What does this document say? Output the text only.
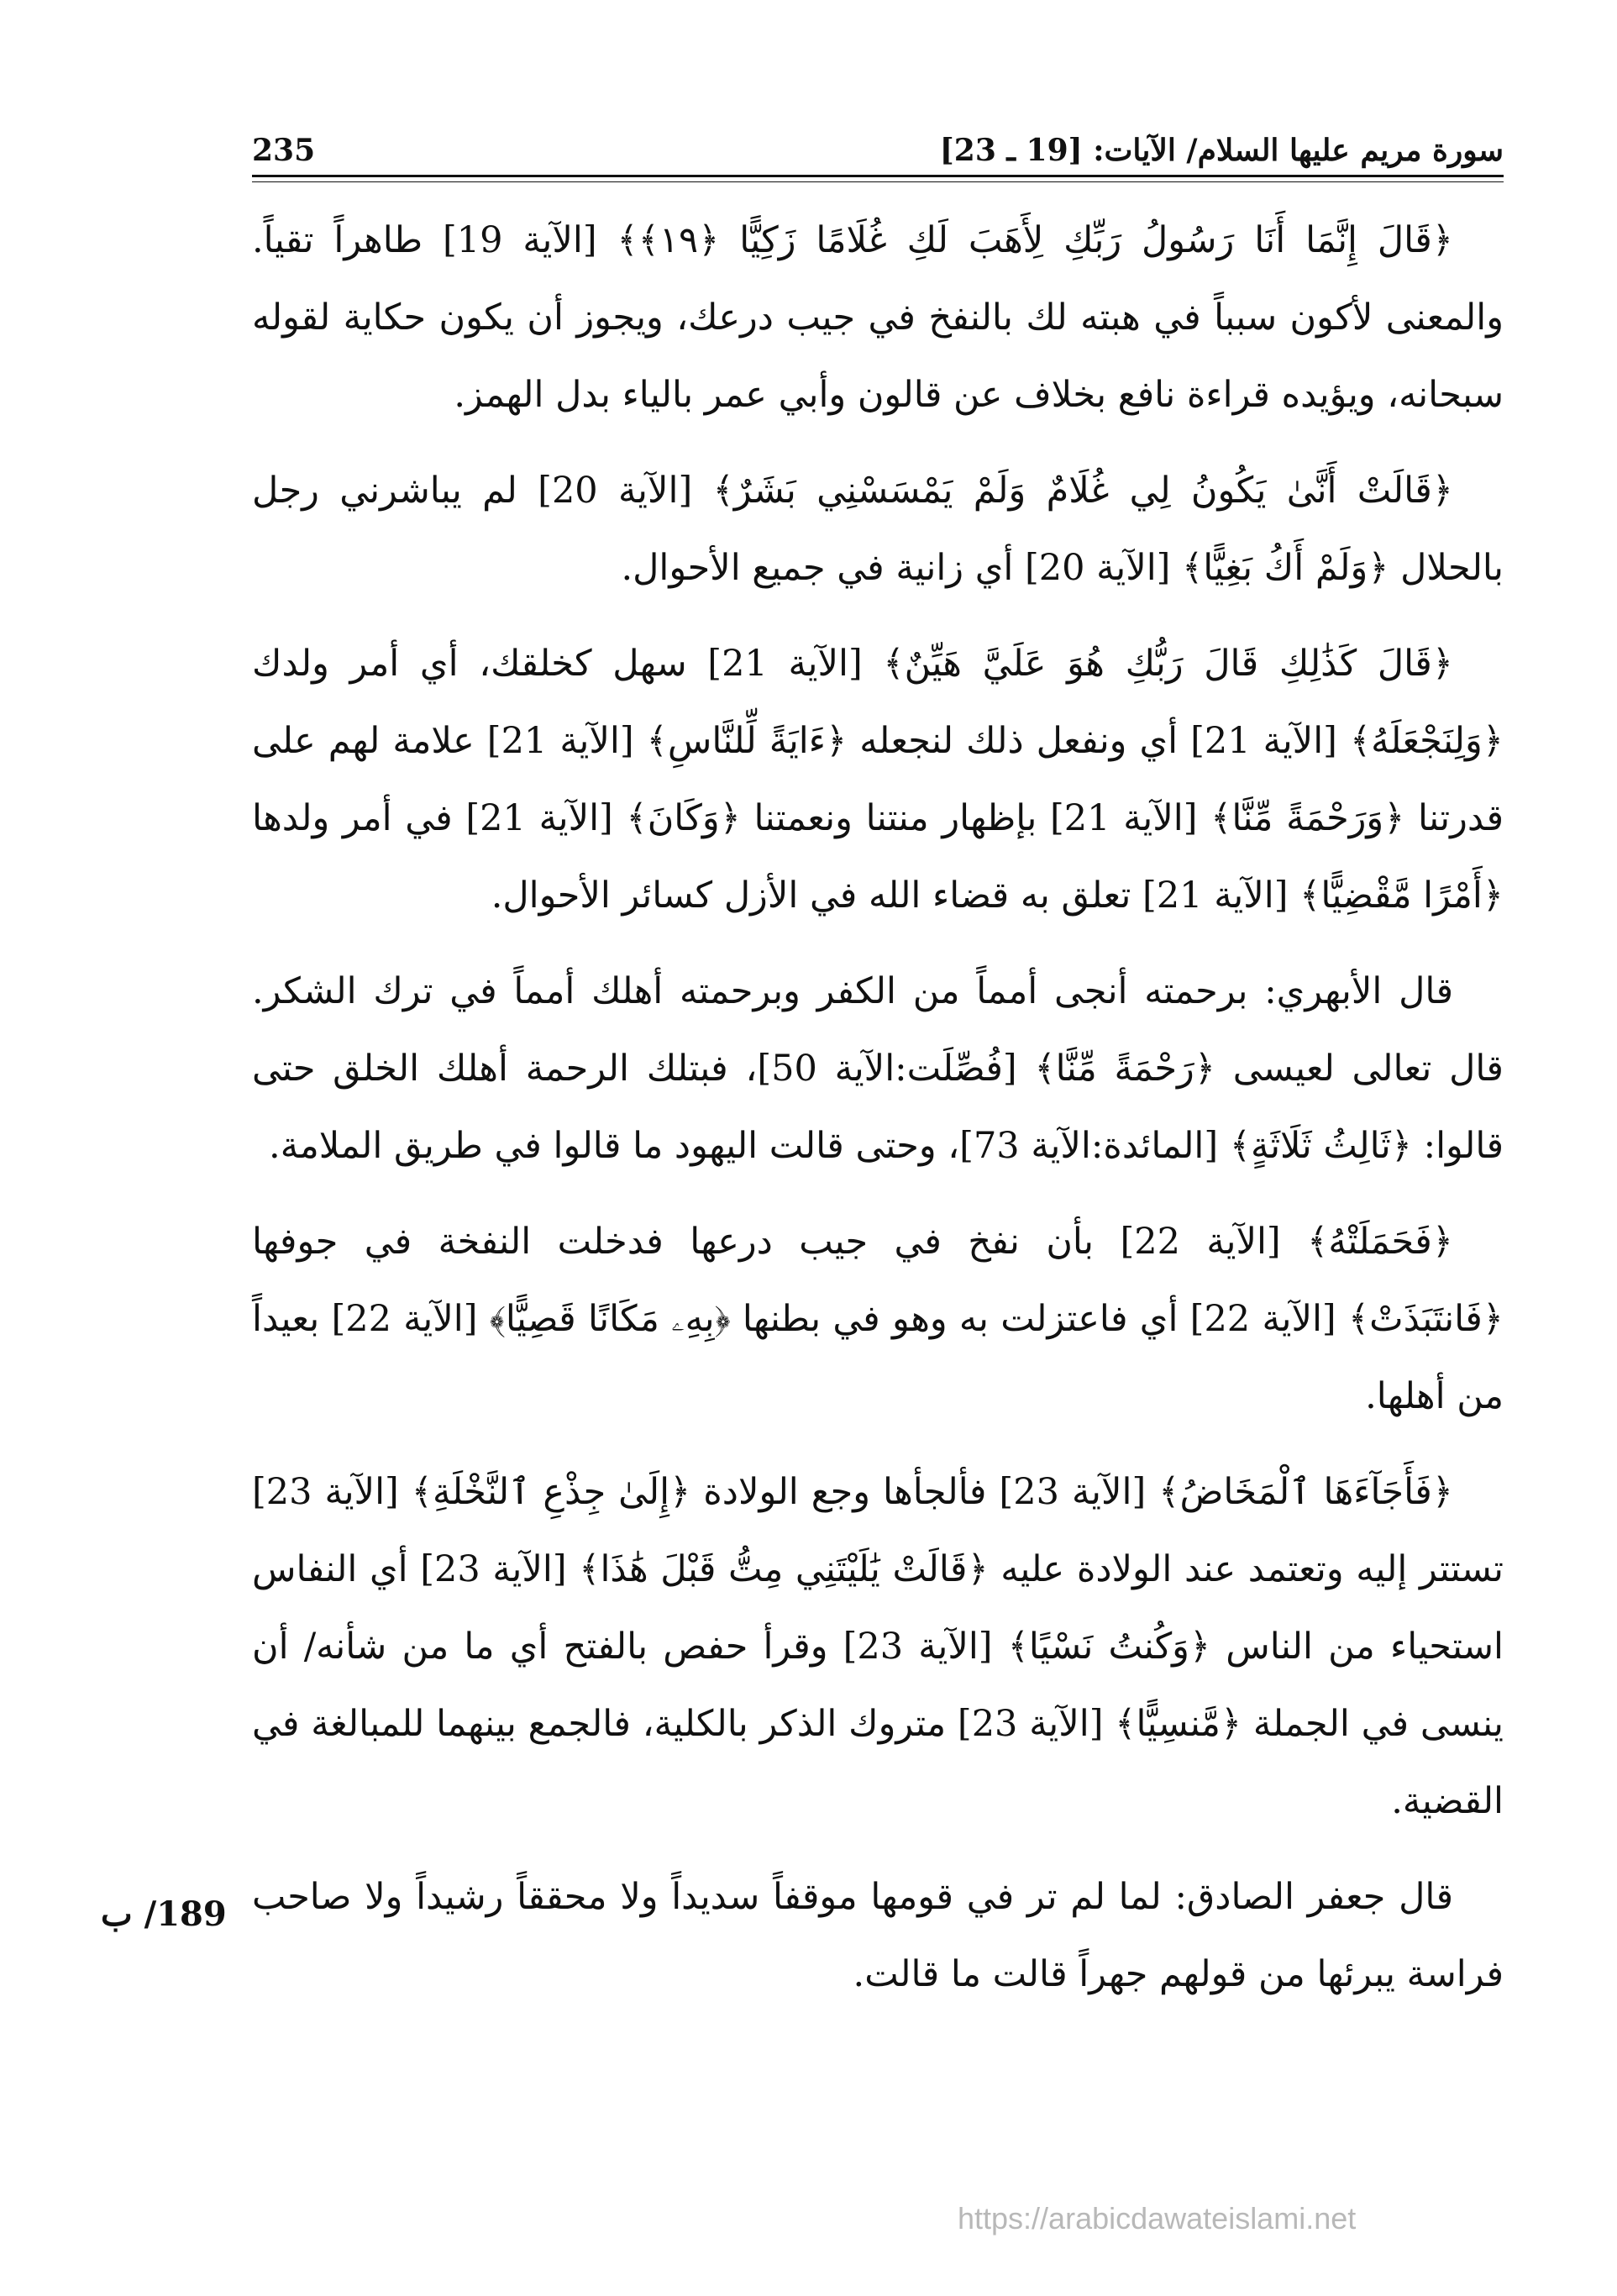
سورة مريم عليها السلام/ الآيات: [19 ـ 23]
235

﴿قَالَ إِنَّمَا أَنَا رَسُولُ رَبِّكِ لِأَهَبَ لَكِ غُلَامًا زَكِيًّا ﴿١٩﴾﴾ [الآية 19] طاهراً تقياً. والمعنى لأكون سبباً في هبته لك بالنفخ في جيب درعك، ويجوز أن يكون حكاية لقوله سبحانه، ويؤيده قراءة نافع بخلاف عن قالون وأبي عمر بالياء بدل الهمز.

﴿قَالَتْ أَنَّىٰ يَكُونُ لِي غُلَامٌ وَلَمْ يَمْسَسْنِي بَشَرٌ﴾ [الآية 20] لم يباشرني رجل بالحلال ﴿وَلَمْ أَكُ بَغِيًّا﴾ [الآية 20] أي زانية في جميع الأحوال.

﴿قَالَ كَذَٰلِكِ قَالَ رَبُّكِ هُوَ عَلَيَّ هَيِّنٌ﴾ [الآية 21] سهل كخلقك، أي أمر ولدك ﴿وَلِنَجْعَلَهُ﴾ [الآية 21] أي ونفعل ذلك لنجعله ﴿ءَايَةً لِّلنَّاسِ﴾ [الآية 21] علامة لهم على قدرتنا ﴿وَرَحْمَةً مِّنَّا﴾ [الآية 21] بإظهار منتنا ونعمتنا ﴿وَكَانَ﴾ [الآية 21] في أمر ولدها ﴿أَمْرًا مَّقْضِيًّا﴾ [الآية 21] تعلق به قضاء الله في الأزل كسائر الأحوال.

قال الأبهري: برحمته أنجى أمماً من الكفر وبرحمته أهلك أمماً في ترك الشكر. قال تعالى لعيسى ﴿رَحْمَةً مِّنَّا﴾ [فُصِّلَت:الآية 50]، فبتلك الرحمة أهلك الخلق حتى قالوا: ﴿ثَالِثُ ثَلَاثَةٍ﴾ [المائدة:الآية 73]، وحتى قالت اليهود ما قالوا في طريق الملامة.

﴿فَحَمَلَتْهُ﴾ [الآية 22] بأن نفخ في جيب درعها فدخلت النفخة في جوفها ﴿فَانتَبَذَتْ﴾ [الآية 22] أي فاعتزلت به وهو في بطنها ﴿بِهِۦ مَكَانًا قَصِيًّا﴾ [الآية 22] بعيداً من أهلها.

﴿فَأَجَآءَهَا ٱلْمَخَاضُ﴾ [الآية 23] فألجأها وجع الولادة ﴿إِلَىٰ جِذْعِ ٱلنَّخْلَةِ﴾ [الآية 23] تستتر إليه وتعتمد عند الولادة عليه ﴿قَالَتْ يَٰلَيْتَنِي مِتُّ قَبْلَ هَٰذَا﴾ [الآية 23] أي النفاس استحياء من الناس ﴿وَكُنتُ نَسْيًا﴾ [الآية 23] وقرأ حفص بالفتح أي ما من شأنه/ أن ينسى في الجملة ﴿مَّنسِيًّا﴾ [الآية 23] متروك الذكر بالكلية، فالجمع بينهما للمبالغة في القضية.

قال جعفر الصادق: لما لم تر في قومها موقفاً سديداً ولا محققاً رشيداً ولا صاحب فراسة يبرئها من قولهم جهراً قالت ما قالت.

189/ ب
https://arabicdawateislami.net
